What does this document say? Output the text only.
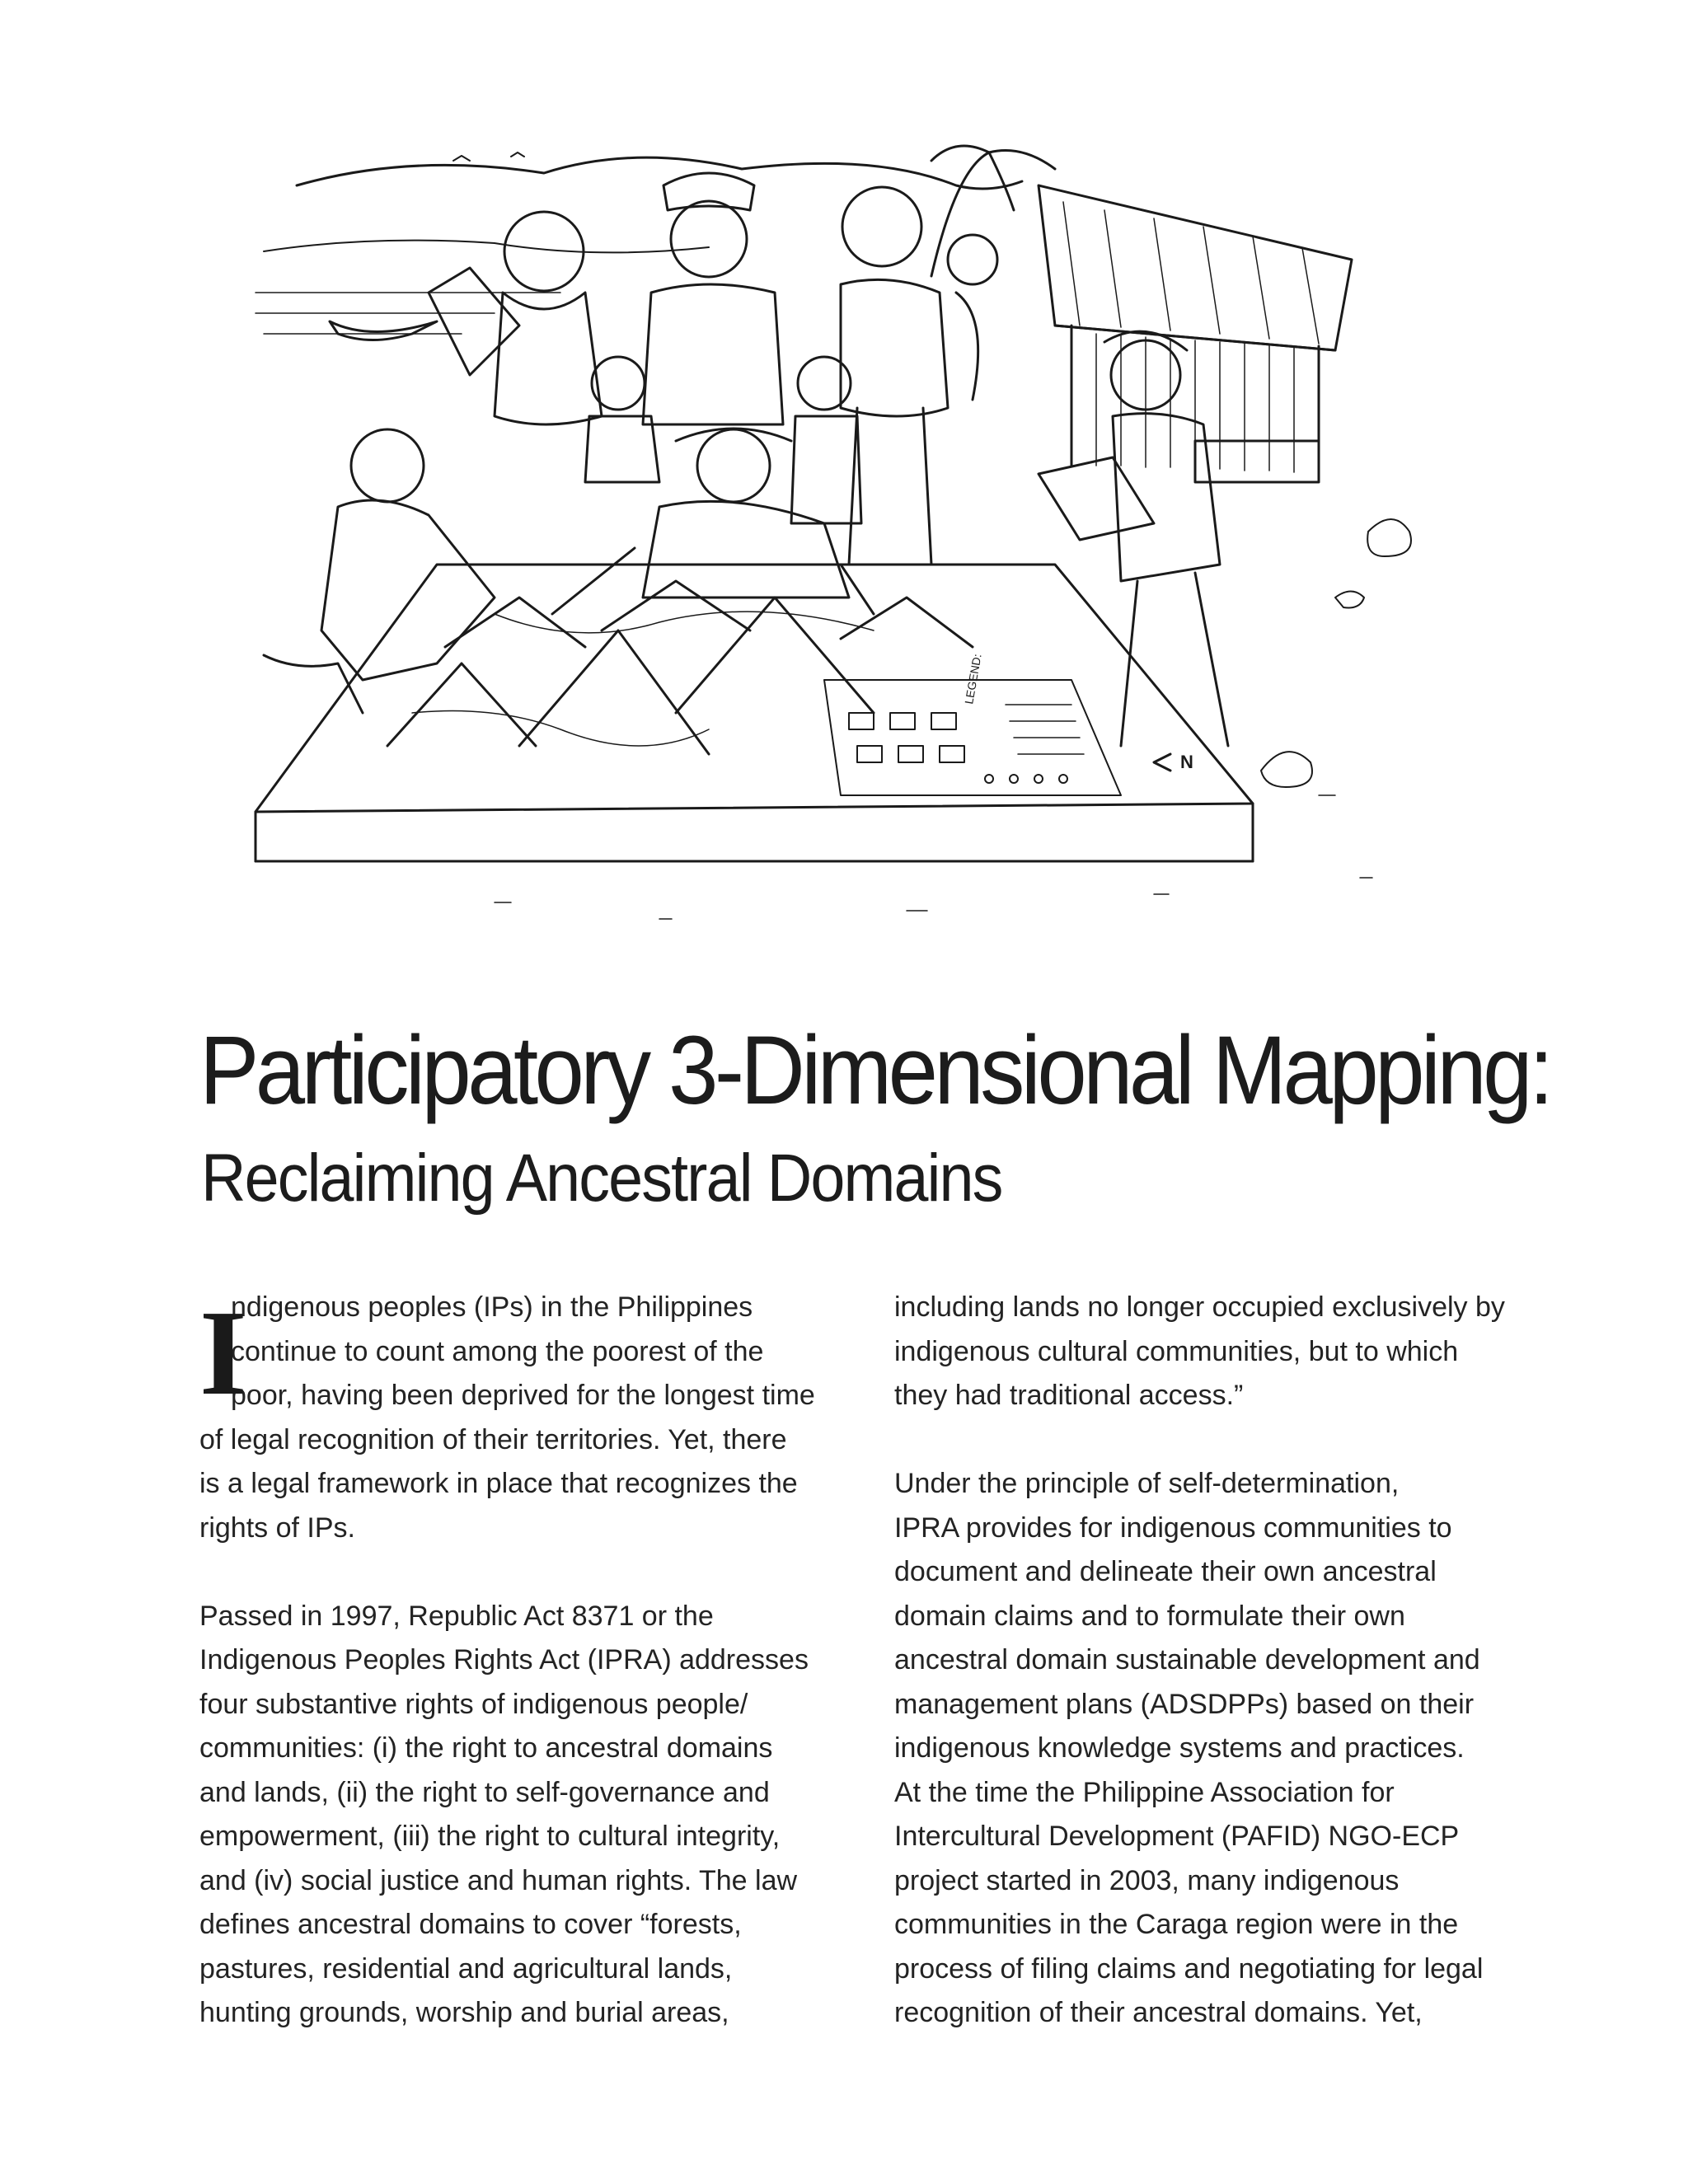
LEGEND:
N
Participatory 3-Dimensional Mapping:
Reclaiming Ancestral Domains
I
ndigenous peoples (IPs) in the Philippines
continue to count among the poorest of the
poor, having been deprived for the longest time
of legal recognition of their territories. Yet, there
is a legal framework in place that recognizes the
rights of IPs.
Passed in 1997, Republic Act 8371 or the
Indigenous Peoples Rights Act (IPRA) addresses
four substantive rights of indigenous people/
communities: (i) the right to ancestral domains
and lands, (ii) the right to self-governance and
empowerment, (iii) the right to cultural integrity,
and (iv) social justice and human rights. The law
defines ancestral domains to cover “forests,
pastures, residential and agricultural lands,
hunting grounds, worship and burial areas,
including lands no longer occupied exclusively by
indigenous cultural communities, but to which
they had traditional access.”
Under the principle of self-determination,
IPRA provides for indigenous communities to
document and delineate their own ancestral
domain claims and to formulate their own
ancestral domain sustainable development and
management plans (ADSDPPs) based on their
indigenous knowledge systems and practices.
At the time the Philippine Association for
Intercultural Development (PAFID) NGO-ECP
project started in 2003, many indigenous
communities in the Caraga region were in the
process of filing claims and negotiating for legal
recognition of their ancestral domains. Yet,
